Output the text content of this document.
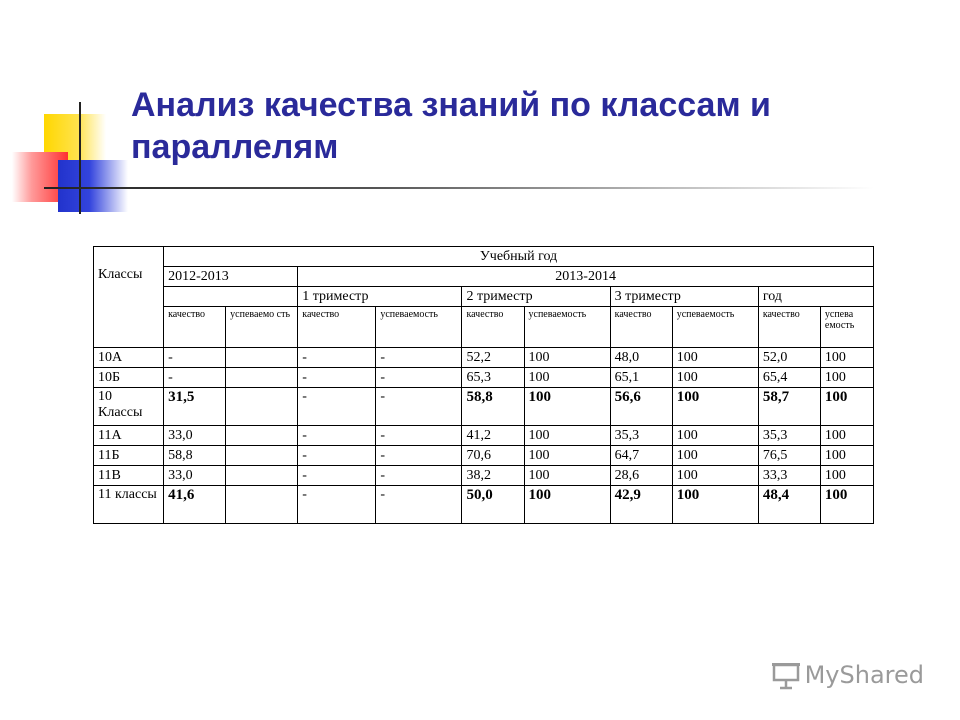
Анализ качества знаний по классам и параллелям
Классы	Учебный год									
	2012-2013		2013-2014							
			1 триместр		2 триместр		3 триместр		год	
	качество	успеваемо сть	качество	успеваемость	качество	успеваемость	качество	успеваемость	качество	успева емость
10А	-		-	-	52,2	100	48,0	100	52,0	100
10Б	-		-	-	65,3	100	65,1	100	65,4	100
10 Классы	31,5		-	-	58,8	100	56,6	100	58,7	100
11А	33,0		-	-	41,2	100	35,3	100	35,3	100
11Б	58,8		-	-	70,6	100	64,7	100	76,5	100
11В	33,0		-	-	38,2	100	28,6	100	33,3	100
11 классы	41,6		-	-	50,0	100	42,9	100	48,4	100
MyShared
